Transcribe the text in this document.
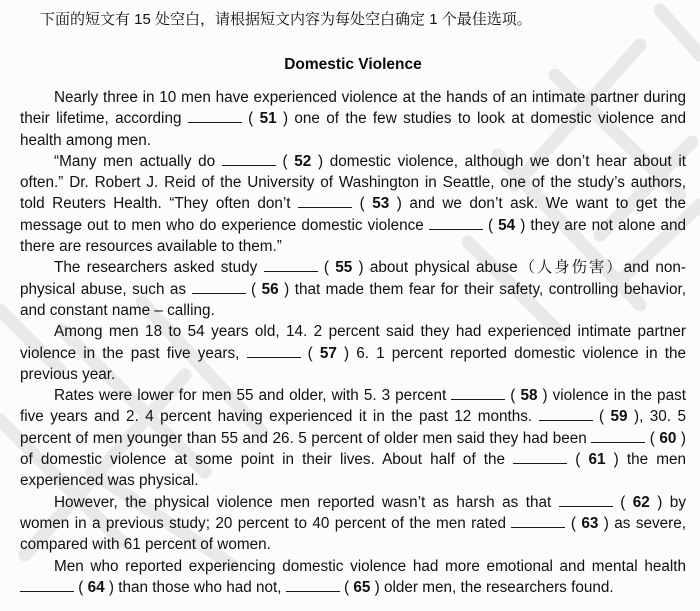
下面的短文有 15 处空白，请根据短文内容为每处空白确定 1 个最佳选项。

Domestic Violence

Nearly three in 10 men have experienced violence at the hands of an intimate partner during their lifetime, according	( 51 ) one of the few studies to look at domestic violence and health among men.

“Many men actually do	( 52 ) domestic violence, although we don’t hear about it often.” Dr. Robert J. Reid of the University of Washington in Seattle, one of the study’s authors, told Reuters Health. “They often don’t	( 53 ) and we don’t ask. We want to get the message out to men who do experience domestic violence	( 54 ) they are not alone and there are resources available to them.”

The researchers asked study	( 55 ) about physical abuse（人身伤害）and non-physical abuse, such as	( 56 ) that made them fear for their safety, controlling behavior, and constant name – calling.

Among men 18 to 54 years old, 14. 2 percent said they had experienced intimate partner violence in the past five years,	( 57 ) 6. 1 percent reported domestic violence in the previous year.

Rates were lower for men 55 and older, with 5. 3 percent	( 58 ) violence in the past five years and 2. 4 percent having experienced it in the past 12 months.	( 59 ), 30. 5 percent of men younger than 55 and 26. 5 percent of older men said they had been	( 60 ) of domestic violence at some point in their lives. About half of the	( 61 ) the men experienced was physical.

However, the physical violence men reported wasn’t as harsh as that	( 62 ) by women in a previous study; 20 percent to 40 percent of the men rated	( 63 ) as severe, compared with 61 percent of women.

Men who reported experiencing domestic violence had more emotional and mental health  ( 64 ) than those who had not,	( 65 ) older men, the researchers found.
